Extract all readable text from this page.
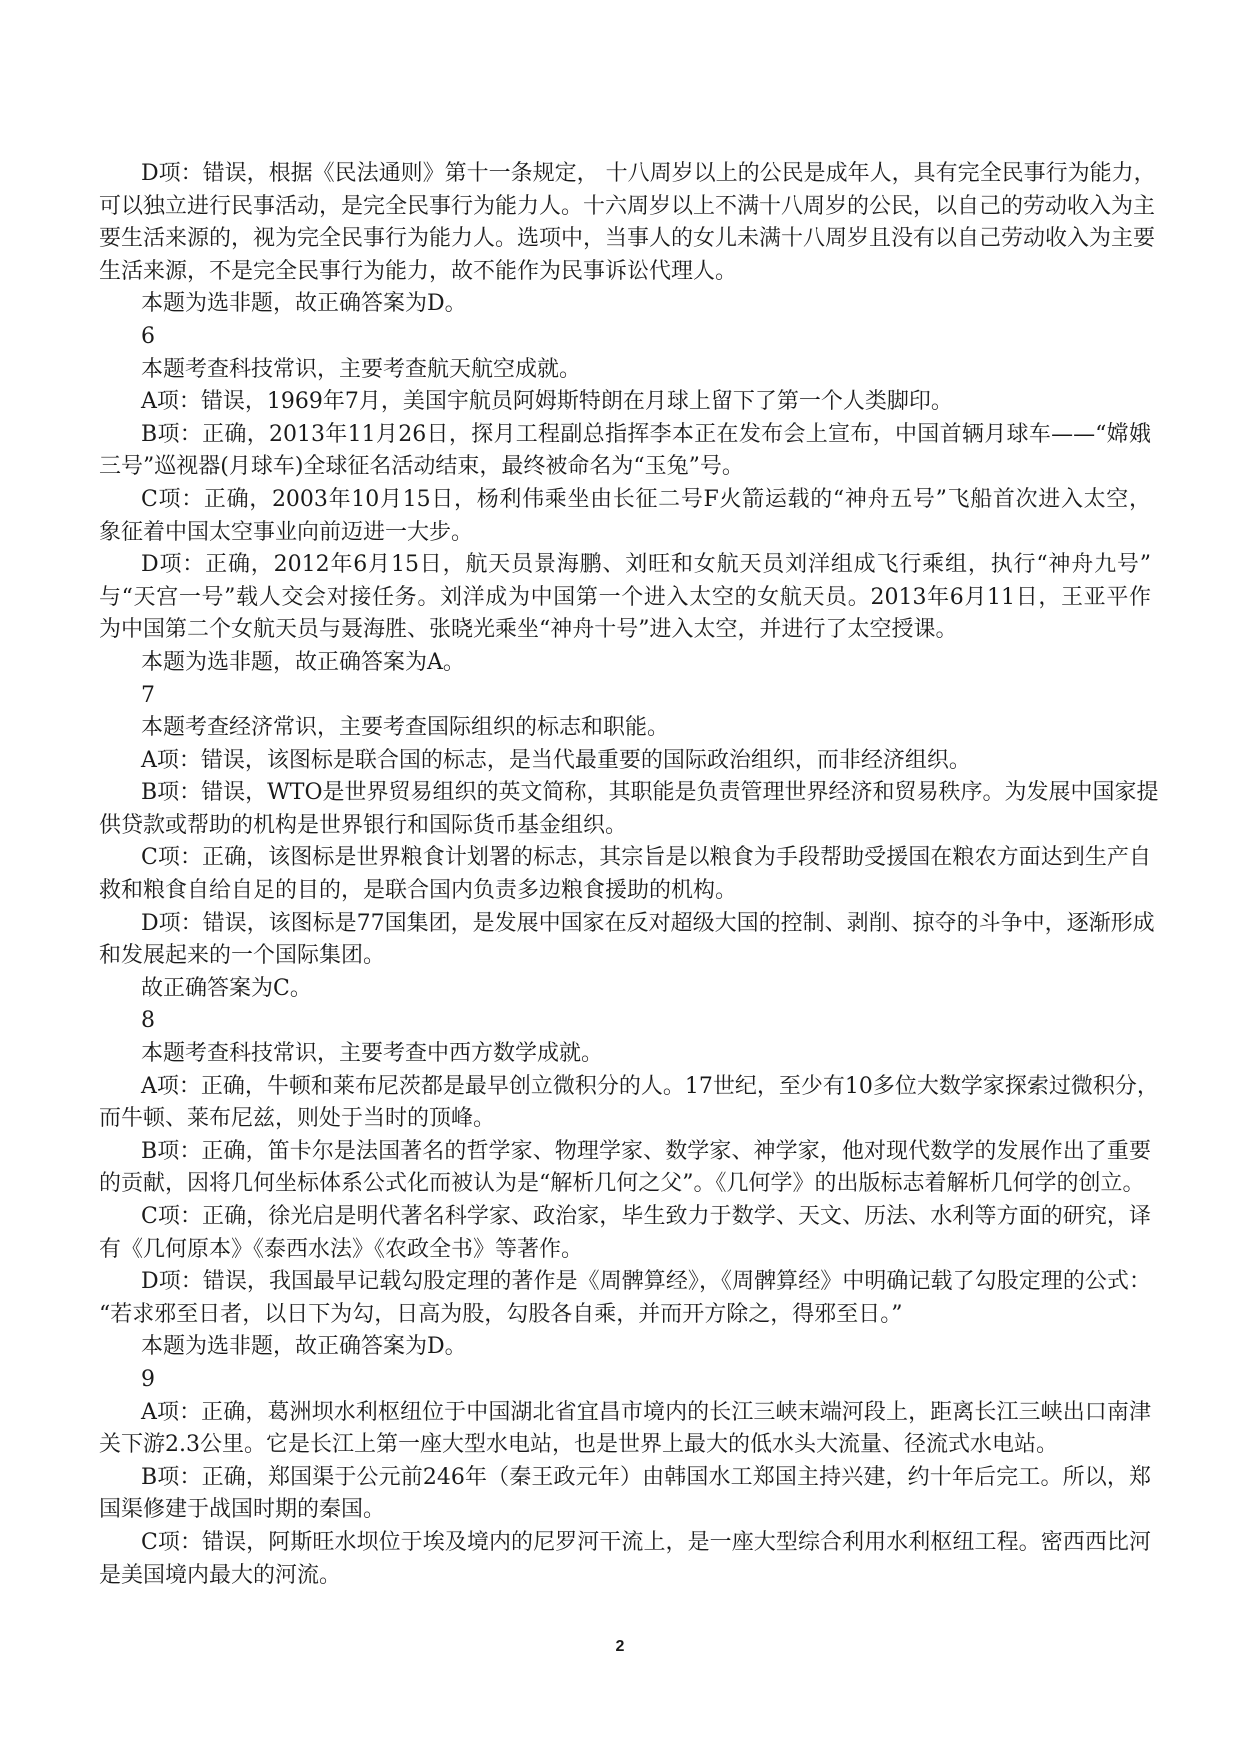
D项：错误，根据《民法通则》第十一条规定， 十八周岁以上的公民是成年人，具有完全民事行为能力，
可以独立进行民事活动，是完全民事行为能力人。十六周岁以上不满十八周岁的公民，以自己的劳动收入为主
要生活来源的，视为完全民事行为能力人。选项中，当事人的女儿未满十八周岁且没有以自己劳动收入为主要
生活来源，不是完全民事行为能力，故不能作为民事诉讼代理人。
本题为选非题，故正确答案为D。
6
本题考查科技常识，主要考查航天航空成就。
A项：错误，1969年7月，美国宇航员阿姆斯特朗在月球上留下了第一个人类脚印。
B项：正确，2013年11月26日，探月工程副总指挥李本正在发布会上宣布，中国首辆月球车——“嫦娥
三号”巡视器(月球车)全球征名活动结束，最终被命名为“玉兔”号。
C项：正确，2003年10月15日，杨利伟乘坐由长征二号F火箭运载的“神舟五号”飞船首次进入太空，
象征着中国太空事业向前迈进一大步。
D项：正确，2012年6月15日，航天员景海鹏、刘旺和女航天员刘洋组成飞行乘组，执行“神舟九号”
与“天宫一号”载人交会对接任务。刘洋成为中国第一个进入太空的女航天员。2013年6月11日，王亚平作
为中国第二个女航天员与聂海胜、张晓光乘坐“神舟十号”进入太空，并进行了太空授课。
本题为选非题，故正确答案为A。
7
本题考查经济常识，主要考查国际组织的标志和职能。
A项：错误，该图标是联合国的标志，是当代最重要的国际政治组织，而非经济组织。
B项：错误，WTO是世界贸易组织的英文简称，其职能是负责管理世界经济和贸易秩序。为发展中国家提
供贷款或帮助的机构是世界银行和国际货币基金组织。
C项：正确，该图标是世界粮食计划署的标志，其宗旨是以粮食为手段帮助受援国在粮农方面达到生产自
救和粮食自给自足的目的，是联合国内负责多边粮食援助的机构。
D项：错误，该图标是77国集团，是发展中国家在反对超级大国的控制、剥削、掠夺的斗争中，逐渐形成
和发展起来的一个国际集团。
故正确答案为C。
8
本题考查科技常识，主要考查中西方数学成就。
A项：正确，牛顿和莱布尼茨都是最早创立微积分的人。17世纪，至少有10多位大数学家探索过微积分，
而牛顿、莱布尼兹，则处于当时的顶峰。
B项：正确，笛卡尔是法国著名的哲学家、物理学家、数学家、神学家，他对现代数学的发展作出了重要
的贡献，因将几何坐标体系公式化而被认为是“解析几何之父”。《几何学》的出版标志着解析几何学的创立。
C项：正确，徐光启是明代著名科学家、政治家，毕生致力于数学、天文、历法、水利等方面的研究，译
有《几何原本》《泰西水法》《农政全书》等著作。
D项：错误，我国最早记载勾股定理的著作是《周髀算经》，《周髀算经》中明确记载了勾股定理的公式：
“若求邪至日者，以日下为勾，日高为股，勾股各自乘，并而开方除之，得邪至日。”
本题为选非题，故正确答案为D。
9
A项：正确，葛洲坝水利枢纽位于中国湖北省宜昌市境内的长江三峡末端河段上，距离长江三峡出口南津
关下游2.3公里。它是长江上第一座大型水电站，也是世界上最大的低水头大流量、径流式水电站。
B项：正确，郑国渠于公元前246年（秦王政元年）由韩国水工郑国主持兴建，约十年后完工。所以，郑
国渠修建于战国时期的秦国。
C项：错误，阿斯旺水坝位于埃及境内的尼罗河干流上，是一座大型综合利用水利枢纽工程。密西西比河
是美国境内最大的河流。
2
